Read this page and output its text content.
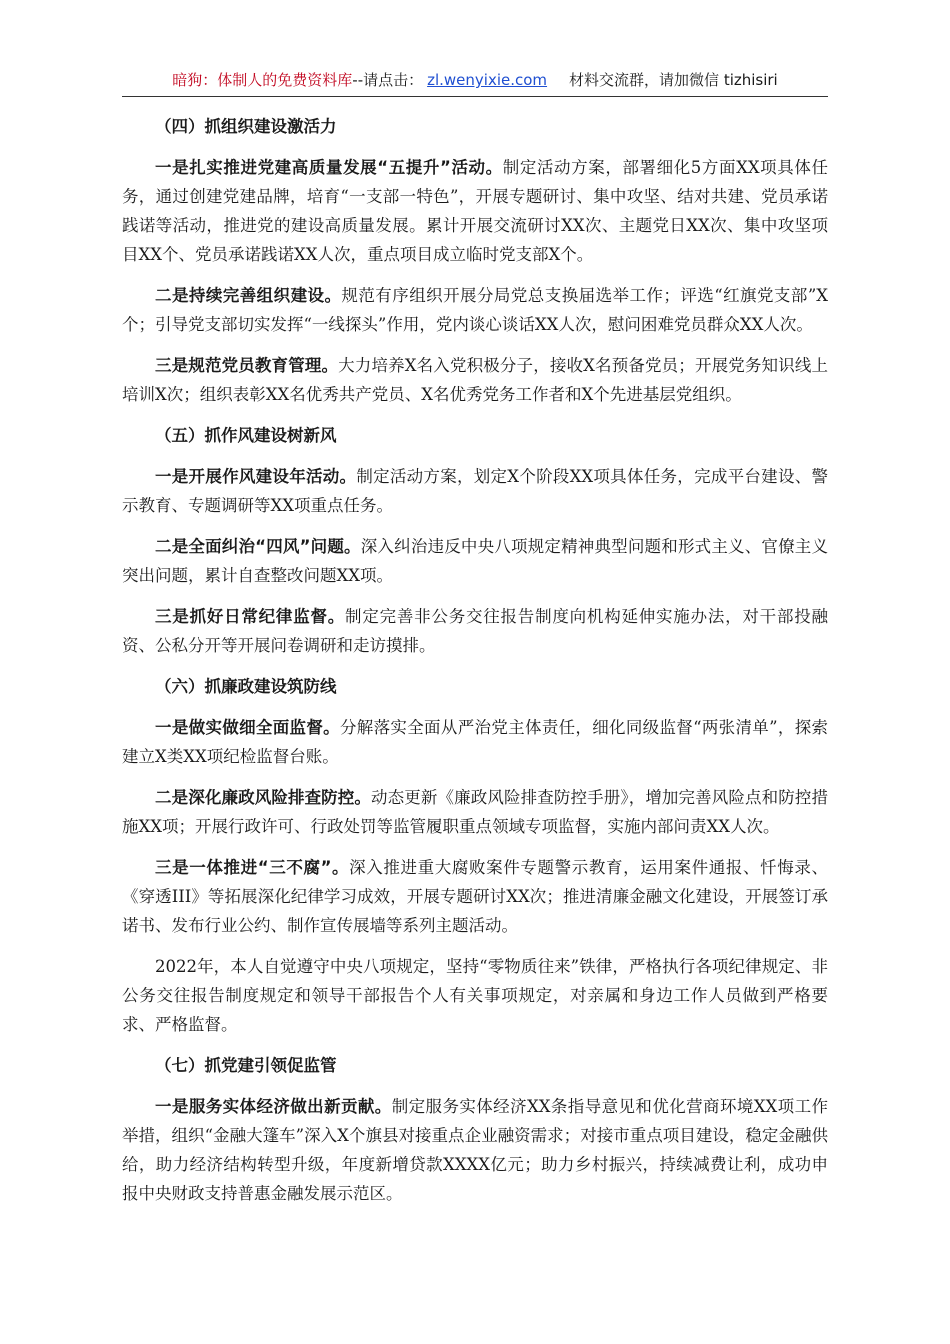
暗狗：体制人的免费资料库--请点击： zl.wenyixie.com 材料交流群，请加微信 tizhisiri

（四）抓组织建设激活力

一是扎实推进党建高质量发展“五提升”活动。制定活动方案，部署细化5方面XX项具体任务，通过创建党建品牌，培育“一支部一特色”，开展专题研讨、集中攻坚、结对共建、党员承诺践诺等活动，推进党的建设高质量发展。累计开展交流研讨XX次、主题党日XX次、集中攻坚项目XX个、党员承诺践诺XX人次，重点项目成立临时党支部X个。

二是持续完善组织建设。规范有序组织开展分局党总支换届选举工作；评选“红旗党支部”X个；引导党支部切实发挥“一线探头”作用，党内谈心谈话XX人次，慰问困难党员群众XX人次。

三是规范党员教育管理。大力培养X名入党积极分子，接收X名预备党员；开展党务知识线上培训X次；组织表彰XX名优秀共产党员、X名优秀党务工作者和X个先进基层党组织。

（五）抓作风建设树新风

一是开展作风建设年活动。制定活动方案，划定X个阶段XX项具体任务，完成平台建设、警示教育、专题调研等XX项重点任务。

二是全面纠治“四风”问题。深入纠治违反中央八项规定精神典型问题和形式主义、官僚主义突出问题，累计自查整改问题XX项。

三是抓好日常纪律监督。制定完善非公务交往报告制度向机构延伸实施办法，对干部投融资、公私分开等开展问卷调研和走访摸排。

（六）抓廉政建设筑防线

一是做实做细全面监督。分解落实全面从严治党主体责任，细化同级监督“两张清单”，探索建立X类XX项纪检监督台账。

二是深化廉政风险排查防控。动态更新《廉政风险排查防控手册》，增加完善风险点和防控措施XX项；开展行政许可、行政处罚等监管履职重点领域专项监督，实施内部问责XX人次。

三是一体推进“三不腐”。深入推进重大腐败案件专题警示教育，运用案件通报、忏悔录、《穿透III》等拓展深化纪律学习成效，开展专题研讨XX次；推进清廉金融文化建设，开展签订承诺书、发布行业公约、制作宣传展墙等系列主题活动。

2022年，本人自觉遵守中央八项规定，坚持“零物质往来”铁律，严格执行各项纪律规定、非公务交往报告制度规定和领导干部报告个人有关事项规定，对亲属和身边工作人员做到严格要求、严格监督。

（七）抓党建引领促监管

一是服务实体经济做出新贡献。制定服务实体经济XX条指导意见和优化营商环境XX项工作举措，组织“金融大篷车”深入X个旗县对接重点企业融资需求；对接市重点项目建设，稳定金融供给，助力经济结构转型升级，年度新增贷款XXXX亿元；助力乡村振兴，持续减费让利，成功申报中央财政支持普惠金融发展示范区。
